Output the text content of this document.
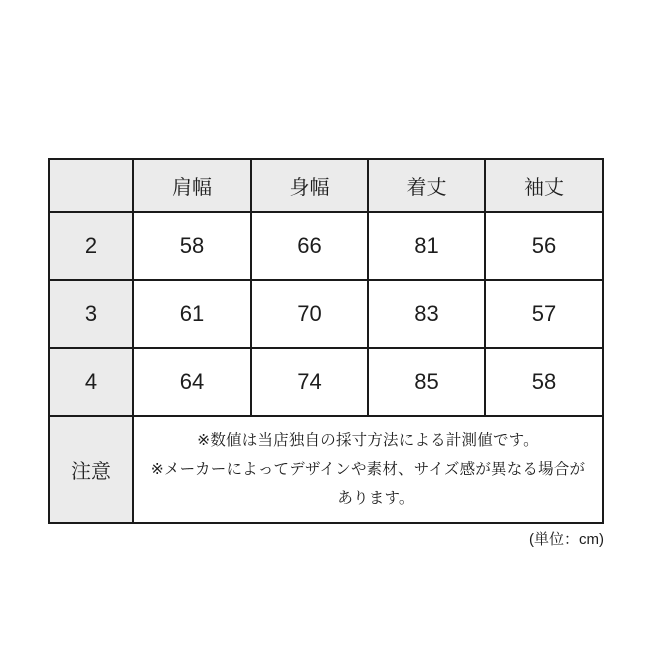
	肩幅	身幅	着丈	袖丈
2	58	66	81	56
3	61	70	83	57
4	64	74	85	58
注意	※数値は当店独自の採寸方法による計測値です。
※メーカーによってデザインや素材、サイズ感が異なる場合が
あります。			
(単位：cm)
